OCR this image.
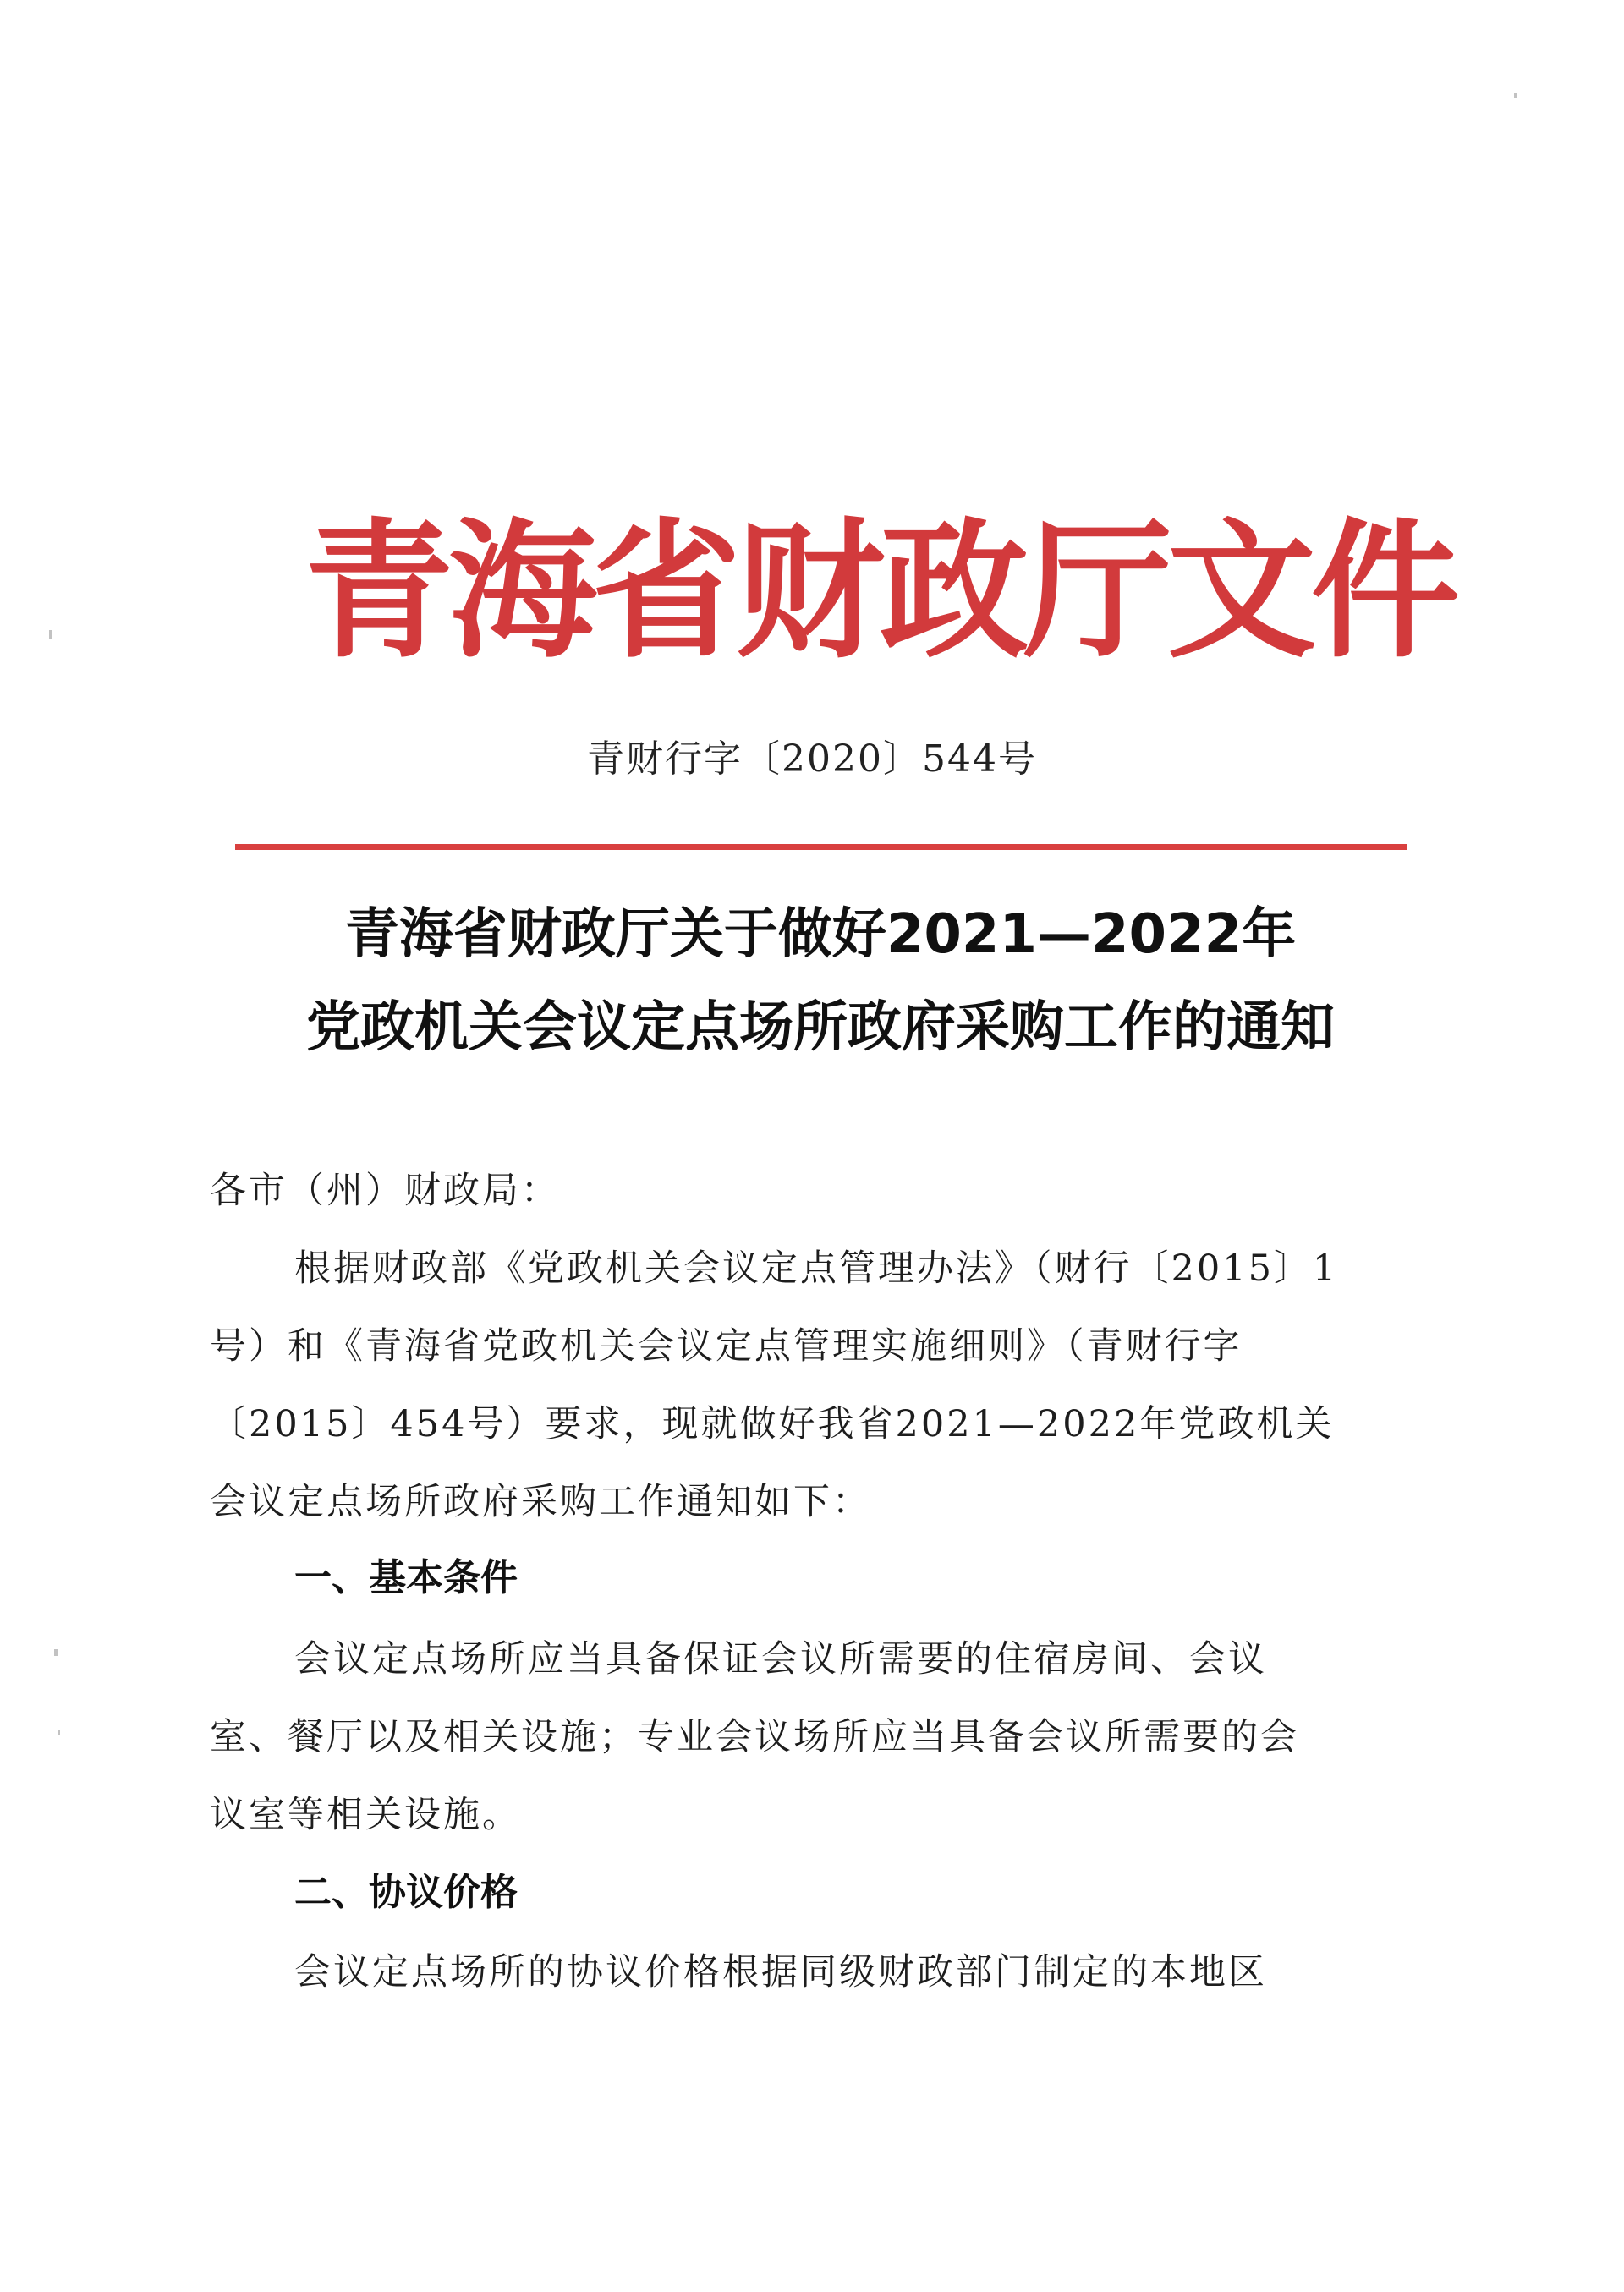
青海省财政厅文件
青财行字〔2020〕544号
青海省财政厅关于做好2021—2022年
党政机关会议定点场所政府采购工作的通知
各市（州）财政局：
根据财政部《党政机关会议定点管理办法》（财行〔2015〕1
号）和《青海省党政机关会议定点管理实施细则》（青财行字
〔2015〕454号）要求，现就做好我省2021—2022年党政机关
会议定点场所政府采购工作通知如下：
一、基本条件
会议定点场所应当具备保证会议所需要的住宿房间、会议
室、餐厅以及相关设施；专业会议场所应当具备会议所需要的会
议室等相关设施。
二、协议价格
会议定点场所的协议价格根据同级财政部门制定的本地区
